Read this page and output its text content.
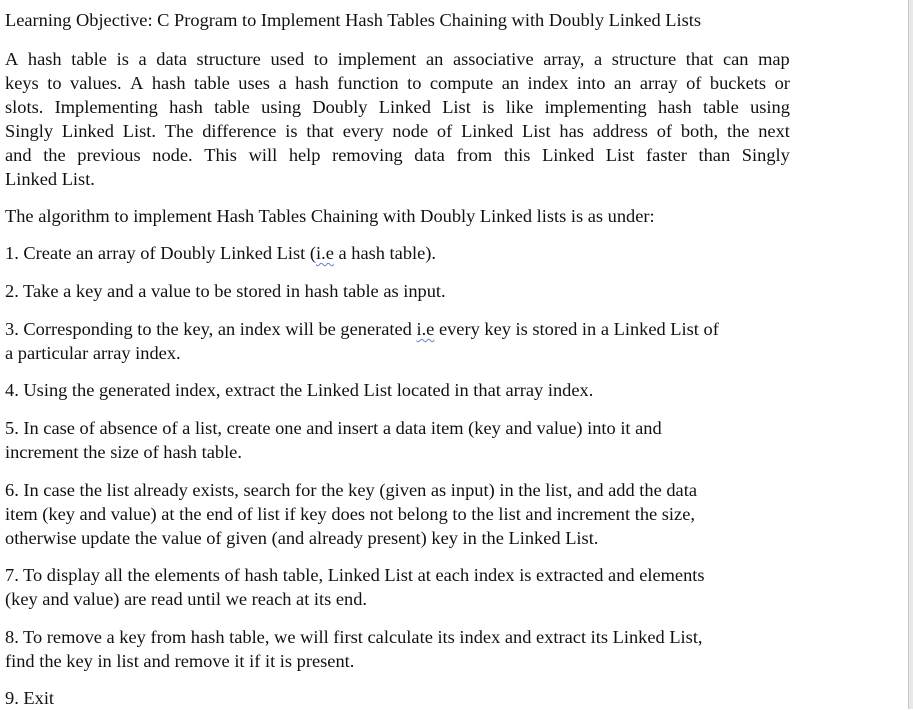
Learning Objective: C Program to Implement Hash Tables Chaining with Doubly Linked Lists
A hash table is a data structure used to implement an associative array, a structure that can map
keys to values. A hash table uses a hash function to compute an index into an array of buckets or
slots. Implementing hash table using Doubly Linked List is like implementing hash table using
Singly Linked List. The difference is that every node of Linked List has address of both, the next
and the previous node. This will help removing data from this Linked List faster than Singly
Linked List.
The algorithm to implement Hash Tables Chaining with Doubly Linked lists is as under:
1. Create an array of Doubly Linked List (i.e a hash table).
2. Take a key and a value to be stored in hash table as input.
3. Corresponding to the key, an index will be generated i.e every key is stored in a Linked List of
a particular array index.
4. Using the generated index, extract the Linked List located in that array index.
5. In case of absence of a list, create one and insert a data item (key and value) into it and
increment the size of hash table.
6. In case the list already exists, search for the key (given as input) in the list, and add the data
item (key and value) at the end of list if key does not belong to the list and increment the size,
otherwise update the value of given (and already present) key in the Linked List.
7. To display all the elements of hash table, Linked List at each index is extracted and elements
(key and value) are read until we reach at its end.
8. To remove a key from hash table, we will first calculate its index and extract its Linked List,
find the key in list and remove it if it is present.
9. Exit
